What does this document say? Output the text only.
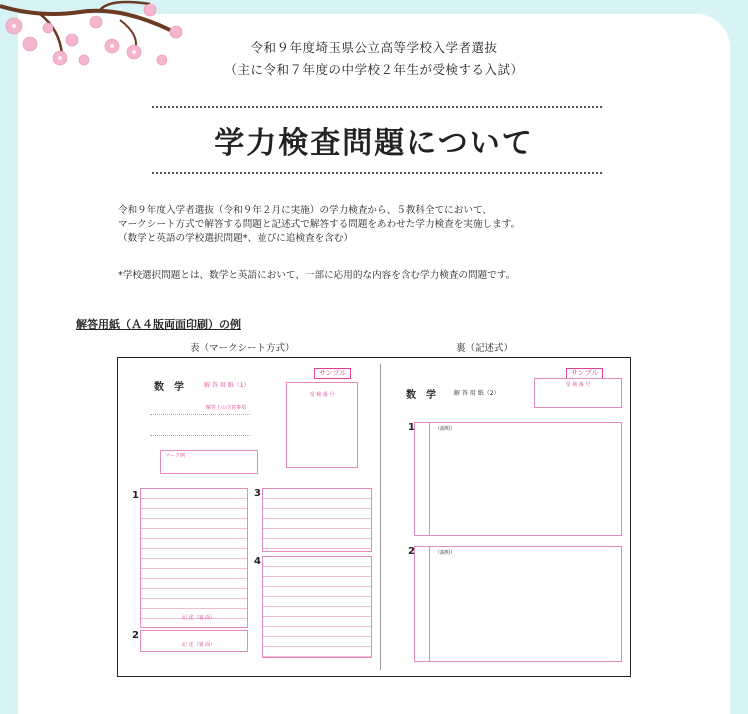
令和９年度埼玉県公立高等学校入学者選抜
（主に令和７年度の中学校２年生が受検する入試）
学力検査問題について
令和９年度入学者選抜（令和９年２月に実施）の学力検査から、５教科全てにおいて、
マークシート方式で解答する問題と記述式で解答する問題をあわせた学力検査を実施します。
（数学と英語の学校選択問題*、並びに追検査を含む）
*学校選択問題とは、数学と英語において、一部に応用的な内容を含む学力検査の問題です。
解答用紙（Ａ４版両面印刷）の例
表（マークシート方式）	裏（記述式）
数　学	解 答 用 紙（1）
サンプル
受 検 番 号
解答上の注意事項
マーク例
1
記 述（裏 面）
2
記 述（裏 面）
3
4
数　学	解 答 用 紙（2）
サンプル
受 検 番 号
1	（説明）
2	（説明）
